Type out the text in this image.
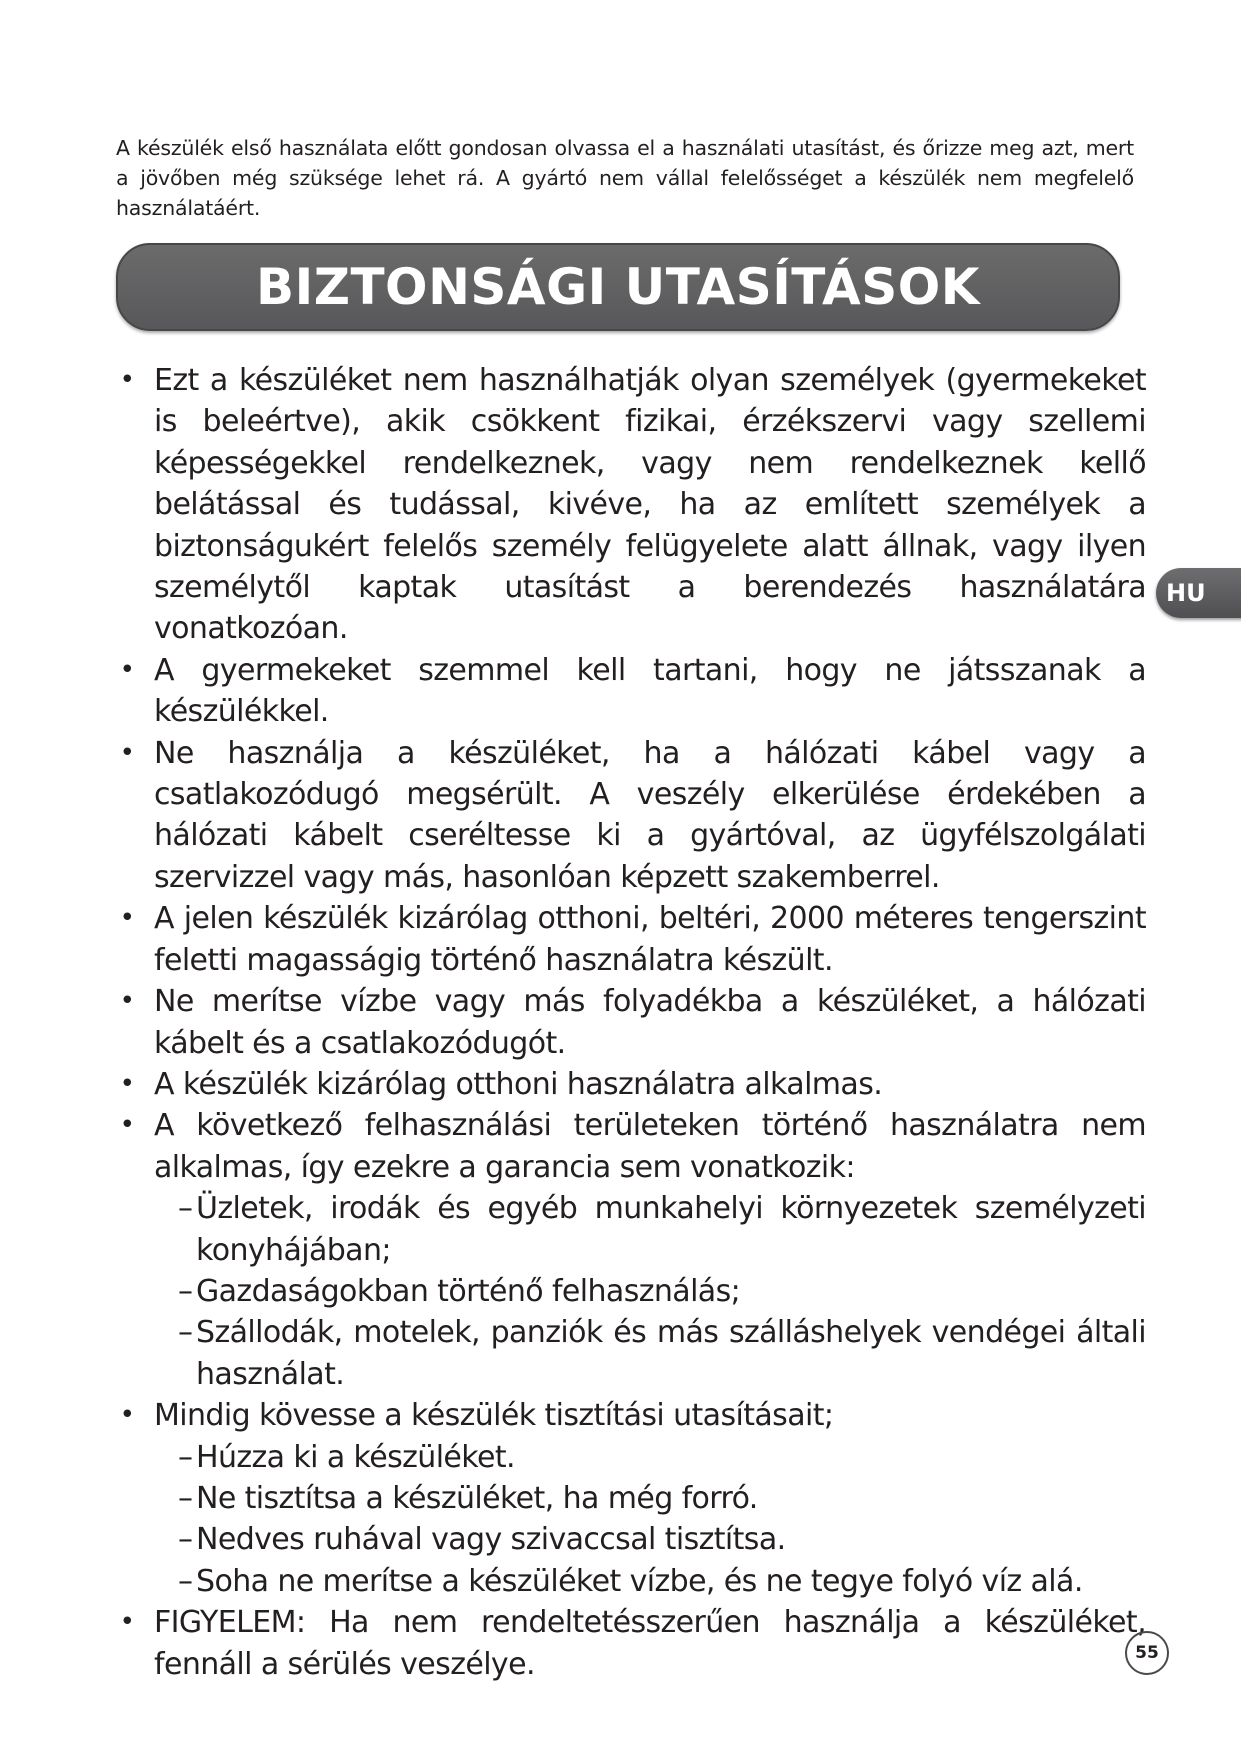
A készülék első használata előtt gondosan olvassa el a használati utasítást, és őrizze meg azt, mert a jövőben még szüksége lehet rá. A gyártó nem vállal felelősséget a készülék nem megfelelő használatáért.

BIZTONSÁGI UTASÍTÁSOK
• Ezt a készüléket nem használhatják olyan személyek (gyermekeket is beleértve), akik csökkent fizikai, érzékszervi vagy szellemi képességekkel rendelkeznek, vagy nem rendelkeznek kellő belátással és tudással, kivéve, ha az említett személyek a biztonságukért felelős személy felügyelete alatt állnak, vagy ilyen személytől kaptak utasítást a berendezés használatára vonatkozóan.
• A gyermekeket szemmel kell tartani, hogy ne játsszanak a készülékkel.
• Ne használja a készüléket, ha a hálózati kábel vagy a csatlakozódugó megsérült. A veszély elkerülése érdekében a hálózati kábelt cseréltesse ki a gyártóval, az ügyfélszolgálati szervizzel vagy más, hasonlóan képzett szakemberrel.
• A jelen készülék kizárólag otthoni, beltéri, 2000 méteres tengerszint feletti magasságig történő használatra készült.
• Ne merítse vízbe vagy más folyadékba a készüléket, a hálózati kábelt és a csatlakozódugót.
• A készülék kizárólag otthoni használatra alkalmas.
• A következő felhasználási területeken történő használatra nem alkalmas, így ezekre a garancia sem vonatkozik:
– Üzletek, irodák és egyéb munkahelyi környezetek személyzeti konyhájában;
– Gazdaságokban történő felhasználás;
– Szállodák, motelek, panziók és más szálláshelyek vendégei általi használat.
• Mindig kövesse a készülék tisztítási utasításait;
– Húzza ki a készüléket.
– Ne tisztítsa a készüléket, ha még forró.
– Nedves ruhával vagy szivaccsal tisztítsa.
– Soha ne merítse a készüléket vízbe, és ne tegye folyó víz alá.
• FIGYELEM: Ha nem rendeltetésszerűen használja a készüléket, fennáll a sérülés veszélye.
HU
55
